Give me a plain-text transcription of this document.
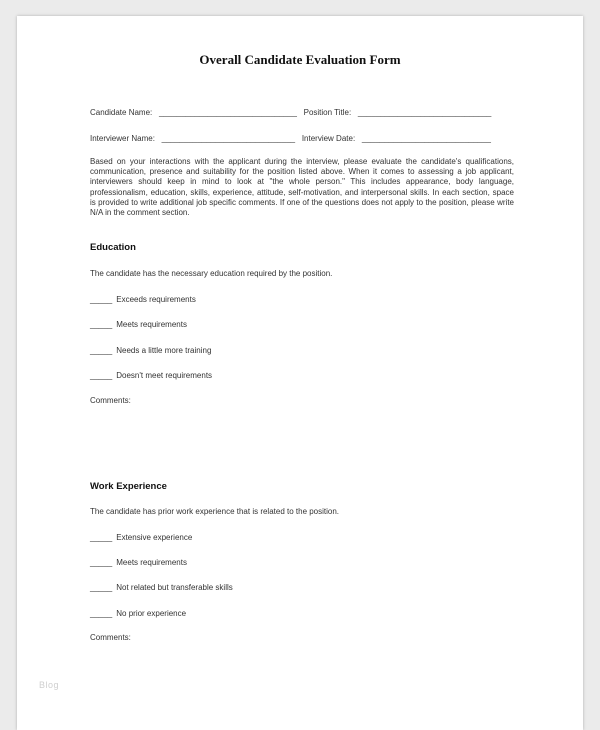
Overall Candidate Evaluation Form
Candidate Name: _______________________________ Position Title: ______________________________
Interviewer Name: ______________________________ Interview Date: _____________________________
Based on your interactions with the applicant during the interview, please evaluate the candidate's qualifications, communication, presence and suitability for the position listed above. When it comes to assessing a job applicant, interviewers should keep in mind to look at "the whole person." This includes appearance, body language, professionalism, education, skills, experience, attitude, self-motivation, and interpersonal skills. In each section, space is provided to write additional job specific comments. If one of the questions does not apply to the position, please write N/A in the comment section.
Education
The candidate has the necessary education required by the position.
_____ Exceeds requirements
_____ Meets requirements
_____ Needs a little more training
_____ Doesn't meet requirements
Comments:
Work Experience
The candidate has prior work experience that is related to the position.
_____ Extensive experience
_____ Meets requirements
_____ Not related but transferable skills
_____ No prior experience
Comments:
Blog
